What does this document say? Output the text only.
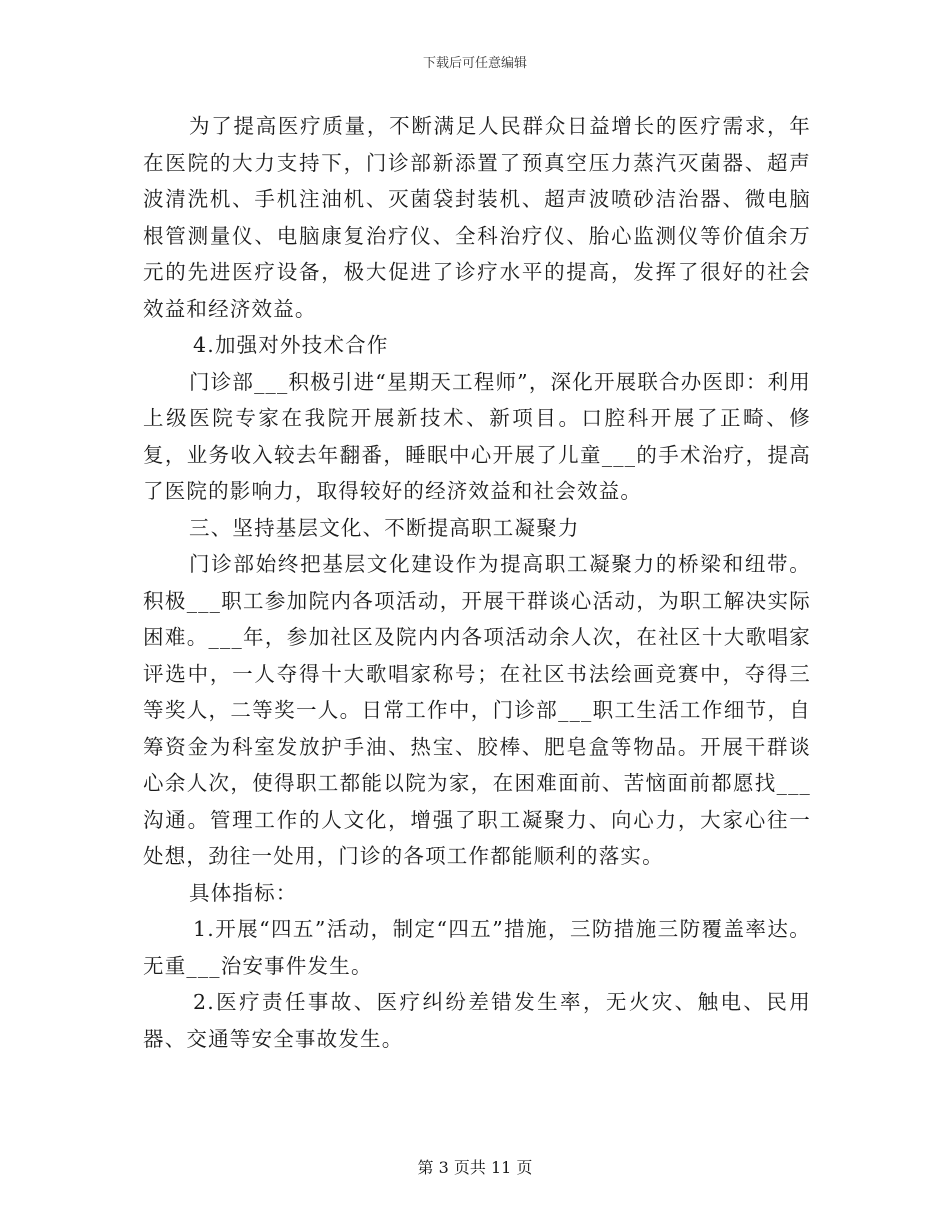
下载后可任意编辑

为了提高医疗质量，不断满足人民群众日益增长的医疗需求，年在医院的大力支持下，门诊部新添置了预真空压力蒸汽灭菌器、超声波清洗机、手机注油机、灭菌袋封装机、超声波喷砂洁治器、微电脑根管测量仪、电脑康复治疗仪、全科治疗仪、胎心监测仪等价值余万元的先进医疗设备，极大促进了诊疗水平的提高，发挥了很好的社会效益和经济效益。

4.加强对外技术合作

门诊部___积极引进“星期天工程师”，深化开展联合办医即：利用上级医院专家在我院开展新技术、新项目。口腔科开展了正畸、修复，业务收入较去年翻番，睡眠中心开展了儿童___的手术治疗，提高了医院的影响力，取得较好的经济效益和社会效益。

三、坚持基层文化、不断提高职工凝聚力

门诊部始终把基层文化建设作为提高职工凝聚力的桥梁和纽带。积极___职工参加院内各项活动，开展干群谈心活动，为职工解决实际困难。___年，参加社区及院内内各项活动余人次，在社区十大歌唱家评选中，一人夺得十大歌唱家称号；在社区书法绘画竞赛中，夺得三等奖人，二等奖一人。日常工作中，门诊部___职工生活工作细节，自筹资金为科室发放护手油、热宝、胶棒、肥皂盒等物品。开展干群谈心余人次，使得职工都能以院为家，在困难面前、苦恼面前都愿找___沟通。管理工作的人文化，增强了职工凝聚力、向心力，大家心往一处想，劲往一处用，门诊的各项工作都能顺利的落实。

具体指标：

1.开展“四五”活动，制定“四五”措施，三防措施三防覆盖率达。无重___治安事件发生。

2.医疗责任事故、医疗纠纷差错发生率，无火灾、触电、民用器、交通等安全事故发生。

第 3 页共 11 页
